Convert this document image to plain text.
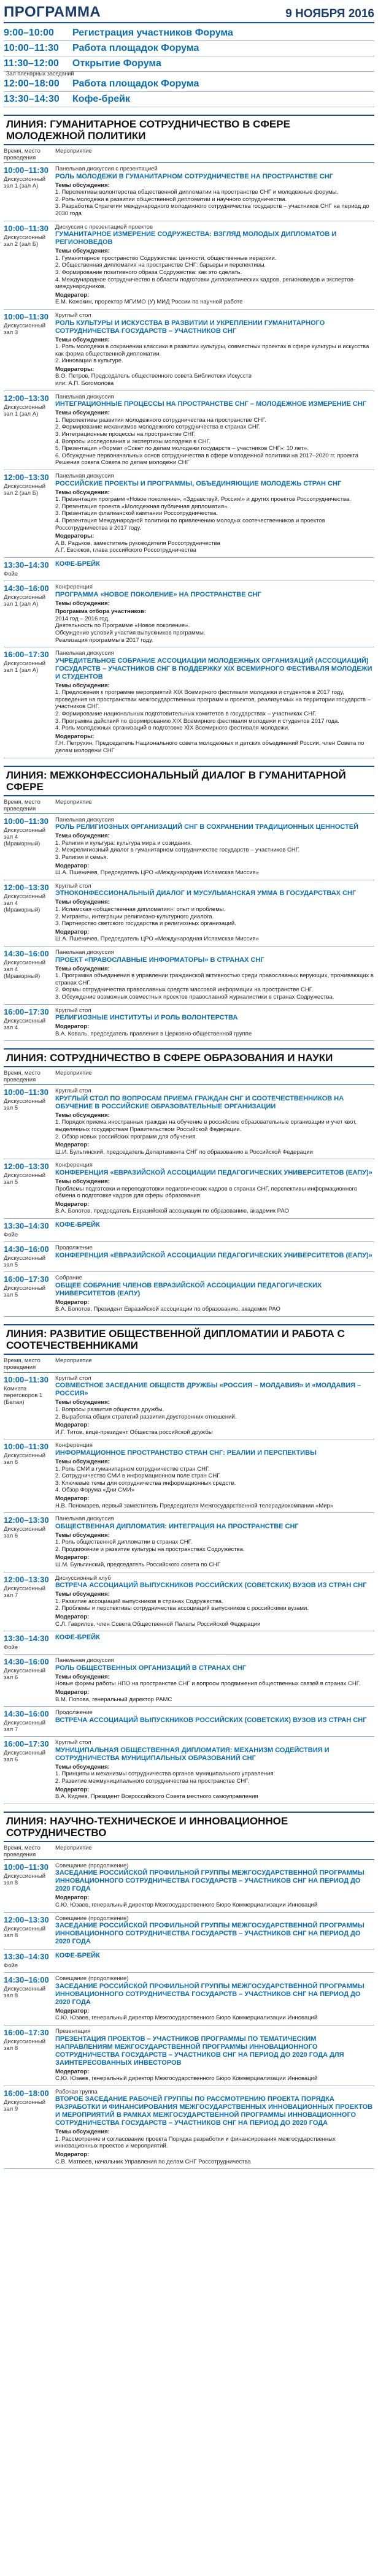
ПРОГРАММА	9 НОЯБРЯ 2016
9:00–10:00	Регистрация участников Форума
10:00–11:30	Работа площадок Форума
11:30–12:00	Открытие Форума
Зал пленарных заседаний
12:00–18:00	Работа площадок Форума
13:30–14:30	Кофе-брейк
ЛИНИЯ: ГУМАНИТАРНОЕ СОТРУДНИЧЕСТВО В СФЕРЕ МОЛОДЕЖНОЙ ПОЛИТИКИ
Время, место проведения
Мероприятие
10:00–11:30
Дискуссионный зал 1 (зал А)
Панельная дискуссия с презентацией
РОЛЬ МОЛОДЕЖИ В ГУМАНИТАРНОМ СОТРУДНИЧЕСТВЕ НА ПРОСТРАНСТВЕ СНГ
Темы обсуждения:
1. Перспективы волонтерства общественной дипломатии на пространстве СНГ и молодежные форумы.
2. Роль молодежи в развитии общественной дипломатии и научного сотрудничества.
3. Разработка Стратегии международного молодежного сотрудничества государств – участников СНГ на период до 2030 года
10:00–11:30
Дискуссионный зал 2 (зал Б)
Дискуссия с презентацией проектов
ГУМАНИТАРНОЕ ИЗМЕРЕНИЕ СОДРУЖЕСТВА: ВЗГЛЯД МОЛОДЫХ ДИПЛОМАТОВ И РЕГИОНОВЕДОВ
Темы обсуждения:
1. Гуманитарное пространство Содружества: ценности, общественные иерархии.
2. Общественная дипломатия на пространстве СНГ: барьеры и перспективы.
3. Формирование позитивного образа Содружества: как это сделать.
4. Международное сотрудничество в области подготовки дипломатических кадров, регионоведов и экспертов-международников.
Модератор:
Е.М. Кожокин, проректор МГИМО (У) МИД России по научной работе
10:00–11:30
Дискуссионный зал 3
Круглый стол
РОЛЬ КУЛЬТУРЫ И ИСКУССТВА В РАЗВИТИИ И УКРЕПЛЕНИИ ГУМАНИТАРНОГО СОТРУДНИЧЕСТВА ГОСУДАРСТВ – УЧАСТНИКОВ СНГ
Темы обсуждения:
1. Роль молодежи в сохранении классики в развитии культуры, совместных проектах в сфере культуры и искусства как форма общественной дипломатии.
2. Инновации в культуре.
Модераторы:
В.О. Петров, Председатель общественного совета Библиотеки Искусств
или: А.П. Богомолова
12:00–13:30
Дискуссионный зал 1 (зал А)
Панельная дискуссия
ИНТЕГРАЦИОННЫЕ ПРОЦЕССЫ НА ПРОСТРАНСТВЕ СНГ – МОЛОДЕЖНОЕ ИЗМЕРЕНИЕ СНГ
Темы обсуждения:
1. Перспективы развития молодежного сотрудничества на пространстве СНГ.
2. Формирование механизмов молодежного сотрудничества в странах СНГ.
3. Интеграционные процессы на пространстве СНГ.
4. Вопросы исследования и экспертизы молодежи в СНГ.
5. Презентация «Формат «Совет по делам молодежи государств – участников СНГ»: 10 лет».
6. Обсуждение первоначальных основ сотрудничества в сфере молодежной политики на 2017–2020 гг. проекта Решения совета Совета по делам молодежи СНГ
12:00–13:30
Дискуссионный зал 2 (зал Б)
Панельная дискуссия
РОССИЙСКИЕ ПРОЕКТЫ И ПРОГРАММЫ, ОБЪЕДИНЯЮЩИЕ МОЛОДЕЖЬ СТРАН СНГ
Темы обсуждения:
1. Презентация программ «Новое поколение», «Здравствуй, Россия!» и других проектов Россотрудничества.
2. Презентация проекта «Молодежная публичная дипломатия».
3. Презентация флагманской кампании Россотрудничества.
4. Презентация Международной политики по привлечению молодых соотечественников и проектов Россотрудничества в 2017 году.
Модераторы:
А.В. Радьков, заместитель руководителя Россотрудничества
А.Г. Евсюков, глава российского Россотрудничества
13:30–14:30
Фойе
КОФЕ-БРЕЙК
14:30–16:00
Дискуссионный зал 1 (зал А)
Конференция
ПРОГРАММА «НОВОЕ ПОКОЛЕНИЕ» НА ПРОСТРАНСТВЕ СНГ
Темы обсуждения:
Программа отбора участников:
2014 год – 2016 год.
Деятельность по Программе «Новое поколение».
Обсуждение условий участия выпускников программы.
Реализация программы в 2017 году.
16:00–17:30
Дискуссионный зал 1 (зал А)
Панельная дискуссия
УЧРЕДИТЕЛЬНОЕ СОБРАНИЕ АССОЦИАЦИИ МОЛОДЕЖНЫХ ОРГАНИЗАЦИЙ (АССОЦИАЦИЙ) ГОСУДАРСТВ – УЧАСТНИКОВ СНГ В ПОДДЕРЖКУ XIX ВСЕМИРНОГО ФЕСТИВАЛЯ МОЛОДЕЖИ И СТУДЕНТОВ
Темы обсуждения:
1. Предложения к программе мероприятий XIX Всемирного фестиваля молодежи и студентов в 2017 году, проведения на пространствах межгосударственных программ и проектов, реализуемых на территории государств – участников СНГ.
2. Формирование национальных подготовительных комитетов в государствах – участниках СНГ.
3. Программа действий по формированию XIX Всемирного фестиваля молодежи и студентов 2017 года.
4. Роль молодежных организаций в подготовке XIX Всемирного фестиваля молодежи.
Модераторы:
Г.Н. Петрухин, Председатель Национального совета молодежных и детских объединений России, член Совета по делам молодежи СНГ
ЛИНИЯ: МЕЖКОНФЕССИОНАЛЬНЫЙ ДИАЛОГ В ГУМАНИТАРНОЙ СФЕРЕ
Время, место проведения
Мероприятие
10:00–11:30
Дискуссионный зал 4 (Мраморный)
Панельная дискуссия
РОЛЬ РЕЛИГИОЗНЫХ ОРГАНИЗАЦИЙ СНГ В СОХРАНЕНИИ ТРАДИЦИОННЫХ ЦЕННОСТЕЙ
Темы обсуждения:
1. Религия и культура: культура мира и созидания.
2. Межрелигиозный диалог в гуманитарном сотрудничестве государств – участников СНГ.
3. Религия и семья.
Модератор:
Ш.А. Пшеничев, Председатель ЦРО «Международная Исламская Миссия»
12:00–13:30
Дискуссионный зал 4 (Мраморный)
Круглый стол
ЭТНОКОНФЕССИОНАЛЬНЫЙ ДИАЛОГ И МУСУЛЬМАНСКАЯ УММА В ГОСУДАРСТВАХ СНГ
Темы обсуждения:
1. Исламская «общественная дипломатия»: опыт и проблемы.
2. Мигранты, интеграции религиозно-культурного диалога.
3. Партнерство светского государства и религиозных организаций.
Модератор:
Ш.А. Пшеничев, Председатель ЦРО «Международная Исламская Миссия»
14:30–16:00
Дискуссионный зал 4 (Мраморный)
Панельная дискуссия
ПРОЕКТ «ПРАВОСЛАВНЫЕ ИНФОРМАТОРЫ» В СТРАНАХ СНГ
Темы обсуждения:
1. Программа объединения в управлении гражданской активностью среди православных верующих, проживающих в странах СНГ.
2. Формы сотрудничества православных средств массовой информации на пространстве СНГ.
3. Обсуждение возможных совместных проектов православной журналистики в странах Содружества.
16:00–17:30
Дискуссионный зал 4
Круглый стол
РЕЛИГИОЗНЫЕ ИНСТИТУТЫ И РОЛЬ ВОЛОНТЕРСТВА
Модератор:
В.А. Коваль, председатель правления в Церковно-общественной группе
ЛИНИЯ: СОТРУДНИЧЕСТВО В СФЕРЕ ОБРАЗОВАНИЯ И НАУКИ
Время, место проведения
Мероприятие
10:00–11:30
Дискуссионный зал 5
Круглый стол
КРУГЛЫЙ СТОЛ ПО ВОПРОСАМ ПРИЕМА ГРАЖДАН СНГ И СООТЕЧЕСТВЕННИКОВ НА ОБУЧЕНИЕ В РОССИЙСКИЕ ОБРАЗОВАТЕЛЬНЫЕ ОРГАНИЗАЦИИ
Темы обсуждения:
1. Порядок приема иностранных граждан на обучение в российские образовательные организации и учет квот, выделяемых государствам Правительством Российской Федерации.
2. Обзор новых российских программ для обучения.
Модератор:
Ш.И. Бульгинский, председатель Департамента СНГ по образованию в Российской Федерации
12:00–13:30
Дискуссионный зал 5
Конференция
КОНФЕРЕНЦИЯ «ЕВРАЗИЙСКОЙ АССОЦИАЦИИ ПЕДАГОГИЧЕСКИХ УНИВЕРСИТЕТОВ (ЕАПУ)»
Темы обсуждения:
Проблемы подготовки и переподготовки педагогических кадров в странах СНГ, перспективы информационного обмена о подготовке кадров для сферы образования.
Модератор:
В.А. Болотов, председатель Евразийской ассоциации по образованию, академик РАО
13:30–14:30
Фойе
КОФЕ-БРЕЙК
14:30–16:00
Дискуссионный зал 5
Продолжение
КОНФЕРЕНЦИЯ «ЕВРАЗИЙСКОЙ АССОЦИАЦИИ ПЕДАГОГИЧЕСКИХ УНИВЕРСИТЕТОВ (ЕАПУ)»
16:00–17:30
Дискуссионный зал 5
Собрание
ОБЩЕЕ СОБРАНИЕ ЧЛЕНОВ ЕВРАЗИЙСКОЙ АССОЦИАЦИИ ПЕДАГОГИЧЕСКИХ УНИВЕРСИТЕТОВ (ЕАПУ)
Модератор:
В.А. Болотов, Президент Евразийской ассоциации по образованию, академик РАО
ЛИНИЯ: РАЗВИТИЕ ОБЩЕСТВЕННОЙ ДИПЛОМАТИИ И РАБОТА С СООТЕЧЕСТВЕННИКАМИ
Время, место проведения
Мероприятие
10:00–11:30
Комната переговоров 1 (Белая)
Круглый стол
СОВМЕСТНОЕ ЗАСЕДАНИЕ ОБЩЕСТВ ДРУЖБЫ «РОССИЯ – МОЛДАВИЯ» И «МОЛДАВИЯ – РОССИЯ»
Темы обсуждения:
1. Вопросы развития общества дружбы.
2. Выработка общих стратегий развития двусторонних отношений.
Модератор:
И.Г. Титов, вице-президент Общества российской дружбы
10:00–11:30
Дискуссионный зал 6
Конференция
ИНФОРМАЦИОННОЕ ПРОСТРАНСТВО СТРАН СНГ: РЕАЛИИ И ПЕРСПЕКТИВЫ
Темы обсуждения:
1. Роль СМИ в гуманитарном сотрудничестве стран СНГ.
2. Сотрудничество СМИ в информационном поле стран СНГ.
3. Ключевые темы для сотрудничества информационных средств.
4. Обзор Форума «Дни СМИ»
Модератор:
Н.В. Пономарев, первый заместитель Председателя Межгосударственной телерадиокомпании «Мир»
12:00–13:30
Дискуссионный зал 6
Панельная дискуссия
ОБЩЕСТВЕННАЯ ДИПЛОМАТИЯ: ИНТЕГРАЦИЯ НА ПРОСТРАНСТВЕ СНГ
Темы обсуждения:
1. Роль общественной дипломатии в странах СНГ.
2. Продвижение и развитие культуры на пространствах Содружества.
Модератор:
Ш.М. Бульгинский, председатель Российского совета по СНГ
12:00–13:30
Дискуссионный зал 7
Дискуссионный клуб
ВСТРЕЧА АССОЦИАЦИЙ ВЫПУСКНИКОВ РОССИЙСКИХ (СОВЕТСКИХ) ВУЗОВ ИЗ СТРАН СНГ
Темы обсуждения:
1. Развитие ассоциаций выпускников в странах Содружества.
2. Проблемы и перспективы сотрудничества ассоциаций выпускников с российскими вузами.
Модератор:
С.Л. Гаврилов, член Совета Общественной Палаты Российской Федерации
13:30–14:30
Фойе
КОФЕ-БРЕЙК
14:30–16:00
Дискуссионный зал 6
Панельная дискуссия
РОЛЬ ОБЩЕСТВЕННЫХ ОРГАНИЗАЦИЙ В СТРАНАХ СНГ
Темы обсуждения:
Новые формы работы НПО на пространстве СНГ и вопросы продвижения общественных связей в странах СНГ.
Модератор:
В.М. Попова, генеральный директор РАМС
14:30–16:00
Дискуссионный зал 7
Продолжение
ВСТРЕЧА АССОЦИАЦИЙ ВЫПУСКНИКОВ РОССИЙСКИХ (СОВЕТСКИХ) ВУЗОВ ИЗ СТРАН СНГ
16:00–17:30
Дискуссионный зал 6
Круглый стол
МУНИЦИПАЛЬНАЯ ОБЩЕСТВЕННАЯ ДИПЛОМАТИЯ: МЕХАНИЗМ СОДЕЙСТВИЯ И СОТРУДНИЧЕСТВА МУНИЦИПАЛЬНЫХ ОБРАЗОВАНИЙ СНГ
Темы обсуждения:
1. Принципы и механизмы сотрудничества органов муниципального управления.
2. Развитие межмуниципального сотрудничества на пространстве СНГ.
Модератор:
В.А. Кидяев, Президент Всероссийского Совета местного самоуправления
ЛИНИЯ: НАУЧНО-ТЕХНИЧЕСКОЕ И ИННОВАЦИОННОЕ СОТРУДНИЧЕСТВО
Время, место проведения
Мероприятие
10:00–11:30
Дискуссионный зал 8
Совещание (продолжение)
ЗАСЕДАНИЕ РОССИЙСКОЙ ПРОФИЛЬНОЙ ГРУППЫ МЕЖГОСУДАРСТВЕННОЙ ПРОГРАММЫ ИННОВАЦИОННОГО СОТРУДНИЧЕСТВА ГОСУДАРСТВ – УЧАСТНИКОВ СНГ НА ПЕРИОД ДО 2020 ГОДА
Модератор:
С.Ю. Юзаев, генеральный директор Межгосударственного Бюро Коммерциализации Инноваций
12:00–13:30
Дискуссионный зал 8
Совещание (продолжение)
ЗАСЕДАНИЕ РОССИЙСКОЙ ПРОФИЛЬНОЙ ГРУППЫ МЕЖГОСУДАРСТВЕННОЙ ПРОГРАММЫ ИННОВАЦИОННОГО СОТРУДНИЧЕСТВА ГОСУДАРСТВ – УЧАСТНИКОВ СНГ НА ПЕРИОД ДО 2020 ГОДА
13:30–14:30
Фойе
КОФЕ-БРЕЙК
14:30–16:00
Дискуссионный зал 8
Совещание (продолжение)
ЗАСЕДАНИЕ РОССИЙСКОЙ ПРОФИЛЬНОЙ ГРУППЫ МЕЖГОСУДАРСТВЕННОЙ ПРОГРАММЫ ИННОВАЦИОННОГО СОТРУДНИЧЕСТВА ГОСУДАРСТВ – УЧАСТНИКОВ СНГ НА ПЕРИОД ДО 2020 ГОДА
Модератор:
С.Ю. Юзаев, генеральный директор Межгосударственного Бюро Коммерциализации Инноваций
16:00–17:30
Дискуссионный зал 8
Презентация
ПРЕЗЕНТАЦИЯ ПРОЕКТОВ – УЧАСТНИКОВ ПРОГРАММЫ ПО ТЕМАТИЧЕСКИМ НАПРАВЛЕНИЯМ МЕЖГОСУДАРСТВЕННОЙ ПРОГРАММЫ ИННОВАЦИОННОГО СОТРУДНИЧЕСТВА ГОСУДАРСТВ – УЧАСТНИКОВ СНГ НА ПЕРИОД ДО 2020 ГОДА ДЛЯ ЗАИНТЕРЕСОВАННЫХ ИНВЕСТОРОВ
Модератор:
С.Ю. Юзаев, генеральный директор Межгосударственного Бюро Коммерциализации Инноваций
16:00–18:00
Дискуссионный зал 9
Рабочая группа
ВТОРОЕ ЗАСЕДАНИЕ РАБОЧЕЙ ГРУППЫ ПО РАССМОТРЕНИЮ ПРОЕКТА ПОРЯДКА РАЗРАБОТКИ И ФИНАНСИРОВАНИЯ МЕЖГОСУДАРСТВЕННЫХ ИННОВАЦИОННЫХ ПРОЕКТОВ И МЕРОПРИЯТИЙ В РАМКАХ МЕЖГОСУДАРСТВЕННОЙ ПРОГРАММЫ ИННОВАЦИОННОГО СОТРУДНИЧЕСТВА ГОСУДАРСТВ – УЧАСТНИКОВ СНГ НА ПЕРИОД ДО 2020 ГОДА
Темы обсуждения:
1. Рассмотрение и согласование проекта Порядка разработки и финансирования межгосударственных инновационных проектов и мероприятий.
Модератор:
С.В. Матвеев, начальник Управления по делам СНГ Россотрудничества
